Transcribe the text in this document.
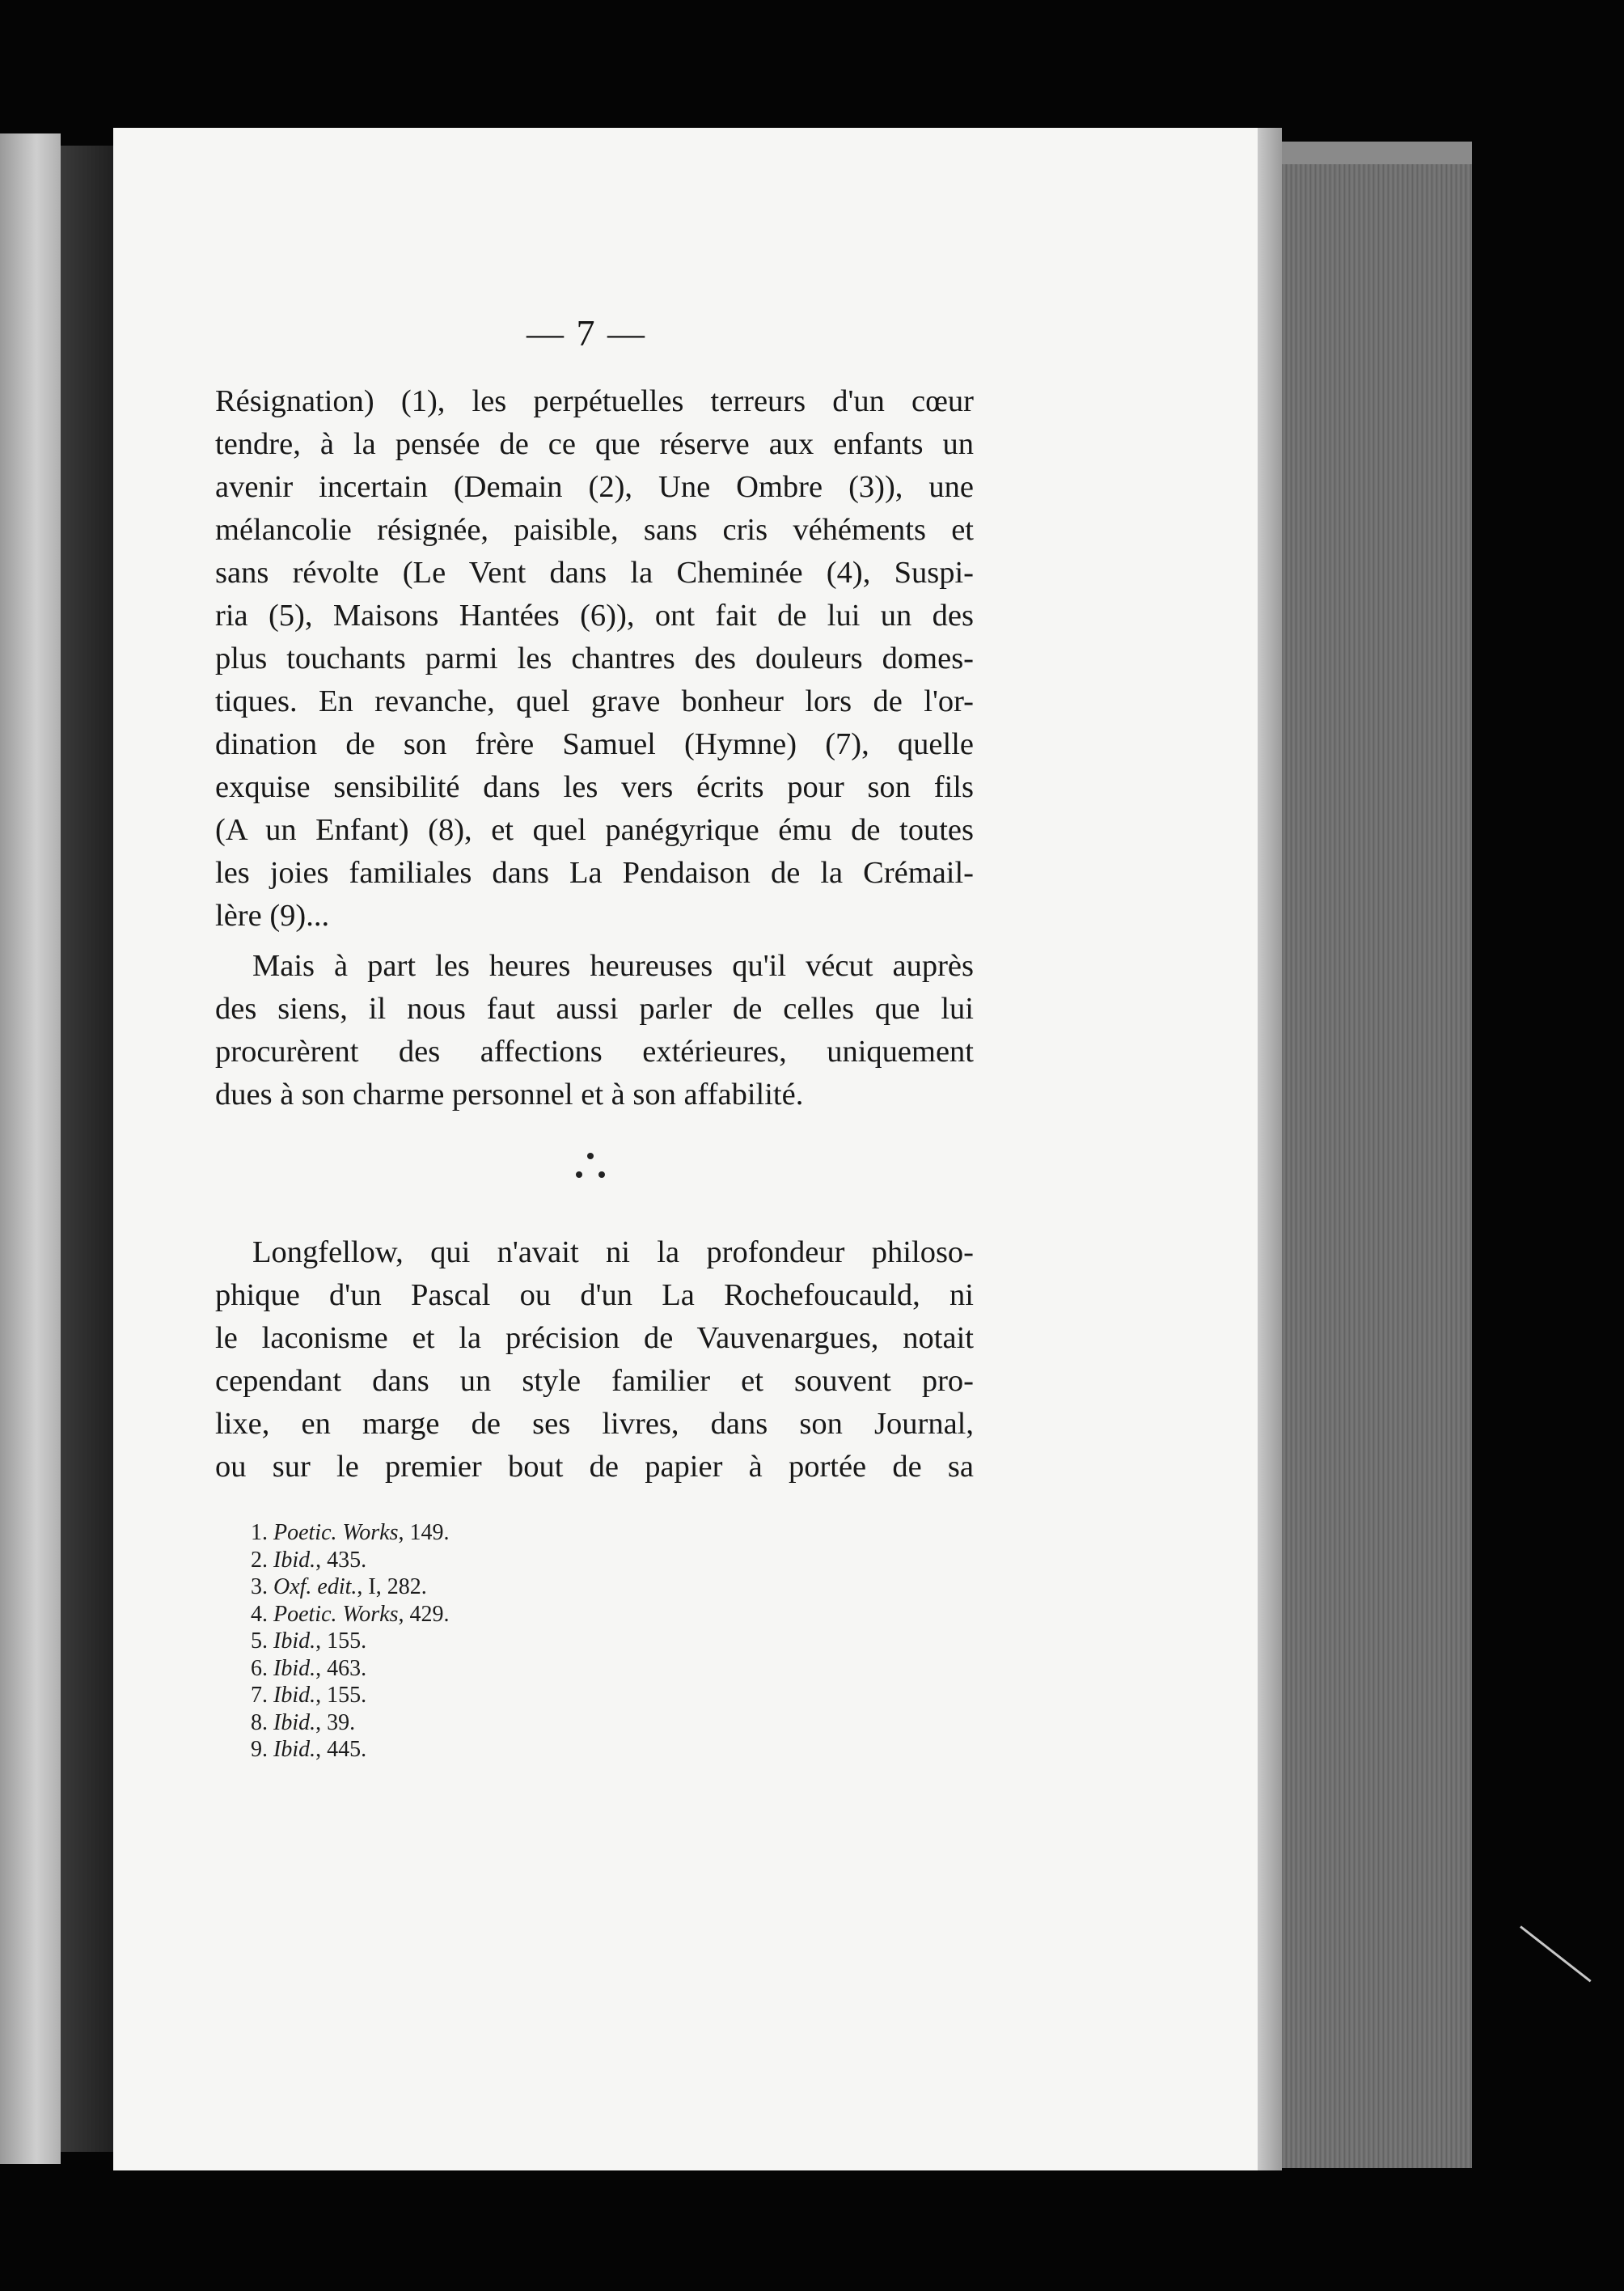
— 7 —
Résignation) (1), les perpétuelles terreurs d'un cœur
tendre, à la pensée de ce que réserve aux enfants un
avenir incertain (Demain (2), Une Ombre (3)), une
mélancolie résignée, paisible, sans cris véhéments et
sans révolte (Le Vent dans la Cheminée (4), Suspi-
ria (5), Maisons Hantées (6)), ont fait de lui un des
plus touchants parmi les chantres des douleurs domes-
tiques. En revanche, quel grave bonheur lors de l'or-
dination de son frère Samuel (Hymne) (7), quelle
exquise sensibilité dans les vers écrits pour son fils
(A un Enfant) (8), et quel panégyrique ému de toutes
les joies familiales dans La Pendaison de la Crémail-
lère (9)...
Mais à part les heures heureuses qu'il vécut auprès
des siens, il nous faut aussi parler de celles que lui
procurèrent des affections extérieures, uniquement
dues à son charme personnel et à son affabilité.
Longfellow, qui n'avait ni la profondeur philoso-
phique d'un Pascal ou d'un La Rochefoucauld, ni
le laconisme et la précision de Vauvenargues, notait
cependant dans un style familier et souvent pro-
lixe, en marge de ses livres, dans son Journal,
ou sur le premier bout de papier à portée de sa
1. Poetic. Works, 149.
2. Ibid., 435.
3. Oxf. edit., I, 282.
4. Poetic. Works, 429.
5. Ibid., 155.
6. Ibid., 463.
7. Ibid., 155.
8. Ibid., 39.
9. Ibid., 445.
